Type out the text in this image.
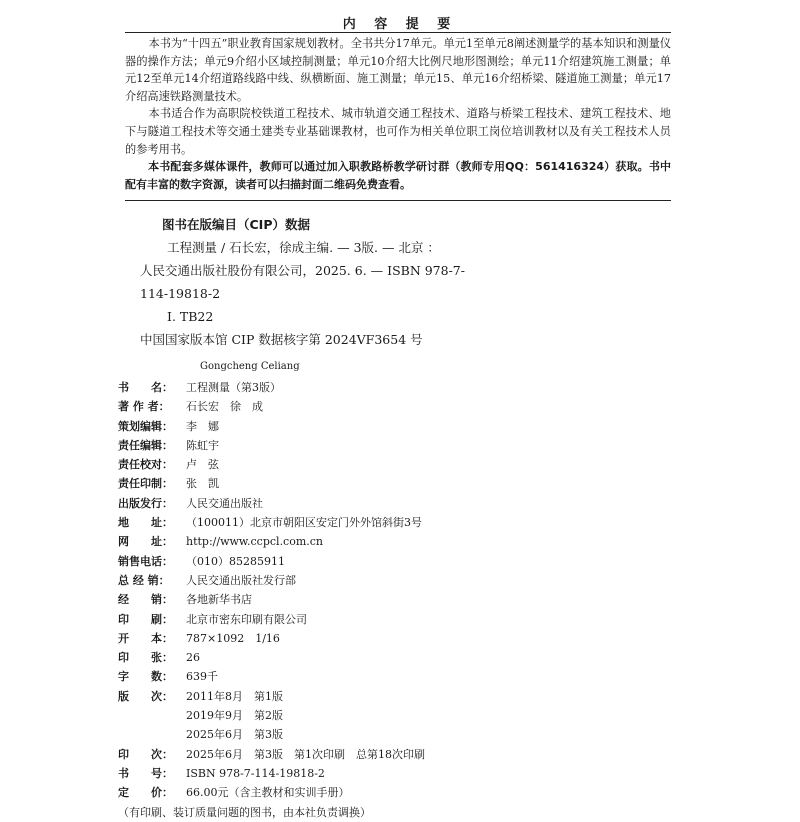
内 容 提 要

本书为“十四五”职业教育国家规划教材。全书共分17单元。单元1至单元8阐述测量学的基本知识和测量仪器的操作方法；单元9介绍小区域控制测量；单元10介绍大比例尺地形图测绘；单元11介绍建筑施工测量；单元12至单元14介绍道路线路中线、纵横断面、施工测量；单元15、单元16介绍桥梁、隧道施工测量；单元17介绍高速铁路测量技术。

本书适合作为高职院校铁道工程技术、城市轨道交通工程技术、道路与桥梁工程技术、建筑工程技术、地下与隧道工程技术等交通土建类专业基础课教材，也可作为相关单位职工岗位培训教材以及有关工程技术人员的参考用书。

本书配套多媒体课件，教师可以通过加入职教路桥教学研讨群（教师专用QQ：561416324）获取。书中配有丰富的数字资源，读者可以扫描封面二维码免费查看。

图书在版编目（CIP）数据
工程测量 / 石长宏，徐成主编. — 3版. — 北京 ：
人民交通出版社股份有限公司，2025. 6. — ISBN 978-7-
114-19818-2
Ⅰ. TB22
中国国家版本馆 CIP 数据核字第 2024VF3654 号
Gongcheng Celiang
书　　名： 工程测量（第3版）
著 作 者： 石长宏　徐　成
策划编辑： 李　娜
责任编辑： 陈虹宇
责任校对： 卢　弦
责任印制： 张　凯
出版发行： 人民交通出版社
地　　址： （100011）北京市朝阳区安定门外外馆斜街3号
网　　址： http://www.ccpcl.com.cn
销售电话： （010）85285911
总 经 销： 人民交通出版社发行部
经　　销： 各地新华书店
印　　刷： 北京市密东印刷有限公司
开　　本： 787×1092　1/16
印　　张： 26
字　　数： 639千
版　　次： 2011年8月　第1版
2019年9月　第2版
2025年6月　第3版
印　　次： 2025年6月　第3版　第1次印刷　总第18次印刷
书　　号： ISBN 978-7-114-19818-2
定　　价： 66.00元（含主教材和实训手册）
（有印刷、装订质量问题的图书，由本社负责调换）
